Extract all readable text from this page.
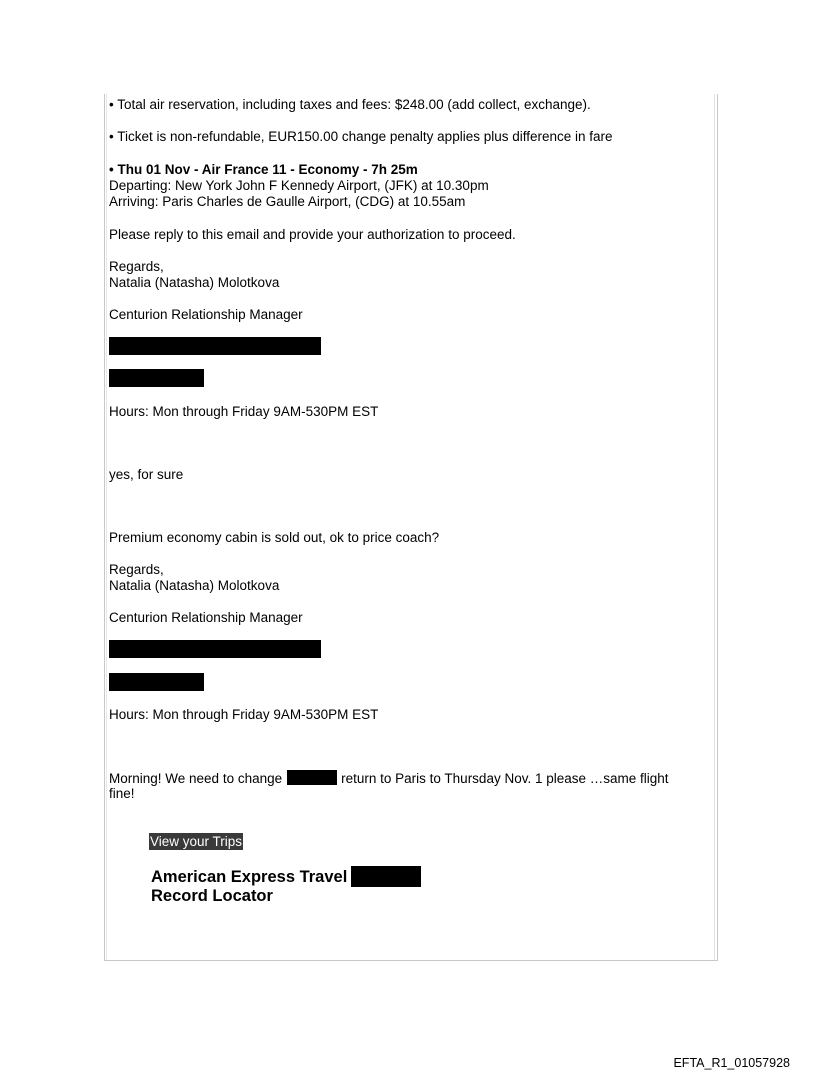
• Total air reservation, including taxes and fees: $248.00 (add collect, exchange).
• Ticket is non-refundable, EUR150.00 change penalty applies plus difference in fare
• Thu 01 Nov - Air France 11 - Economy - 7h 25m
Departing: New York John F Kennedy Airport, (JFK) at 10.30pm
Arriving: Paris Charles de Gaulle Airport, (CDG) at 10.55am
Please reply to this email and provide your authorization to proceed.
Regards,
Natalia (Natasha) Molotkova
Centurion Relationship Manager
Hours: Mon through Friday 9AM-530PM EST
yes, for sure
Premium economy cabin is sold out, ok to price coach?
Regards,
Natalia (Natasha) Molotkova
Centurion Relationship Manager
Hours: Mon through Friday 9AM-530PM EST
Morning! We need to change	return to Paris to Thursday Nov. 1 please …same flight
fine!
View your Trips
American Express Travel
Record Locator
EFTA_R1_01057928
